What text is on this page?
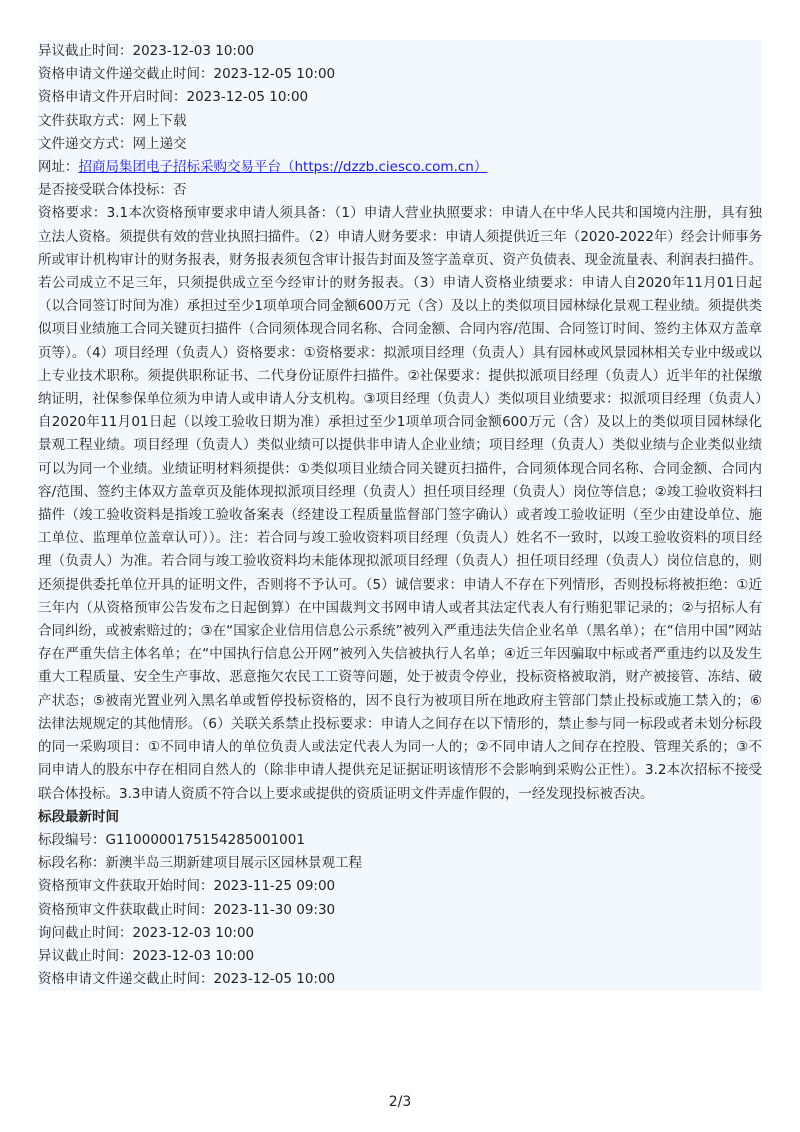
异议截止时间：2023-12-03 10:00

资格申请文件递交截止时间：2023-12-05 10:00

资格申请文件开启时间：2023-12-05 10:00

文件获取方式：网上下载

文件递交方式：网上递交

网址：招商局集团电子招标采购交易平台（https://dzzb.ciesco.com.cn）

是否接受联合体投标：否

资格要求：3.1本次资格预审要求申请人须具备：（1）申请人营业执照要求：申请人在中华人民共和国境内注册，具有独立法人资格。须提供有效的营业执照扫描件。（2）申请人财务要求：申请人须提供近三年（2020-2022年）经会计师事务所或审计机构审计的财务报表，财务报表须包含审计报告封面及签字盖章页、资产负债表、现金流量表、利润表扫描件。若公司成立不足三年，只须提供成立至今经审计的财务报表。（3）申请人资格业绩要求：申请人自2020年11月01日起（以合同签订时间为准）承担过至少1项单项合同金额600万元（含）及以上的类似项目园林绿化景观工程业绩。须提供类似项目业绩施工合同关键页扫描件（合同须体现合同名称、合同金额、合同内容/范围、合同签订时间、签约主体双方盖章页等）。（4）项目经理（负责人）资格要求：①资格要求：拟派项目经理（负责人）具有园林或风景园林相关专业中级或以上专业技术职称。须提供职称证书、二代身份证原件扫描件。②社保要求：提供拟派项目经理（负责人）近半年的社保缴纳证明，社保参保单位须为申请人或申请人分支机构。③项目经理（负责人）类似项目业绩要求：拟派项目经理（负责人）自2020年11月01日起（以竣工验收日期为准）承担过至少1项单项合同金额600万元（含）及以上的类似项目园林绿化景观工程业绩。项目经理（负责人）类似业绩可以提供非申请人企业业绩；项目经理（负责人）类似业绩与企业类似业绩可以为同一个业绩。业绩证明材料须提供：①类似项目业绩合同关键页扫描件，合同须体现合同名称、合同金额、合同内容/范围、签约主体双方盖章页及能体现拟派项目经理（负责人）担任项目经理（负责人）岗位等信息；②竣工验收资料扫描件（竣工验收资料是指竣工验收备案表（经建设工程质量监督部门签字确认）或者竣工验收证明（至少由建设单位、施工单位、监理单位盖章认可））。注：若合同与竣工验收资料项目经理（负责人）姓名不一致时，以竣工验收资料的项目经理（负责人）为准。若合同与竣工验收资料均未能体现拟派项目经理（负责人）担任项目经理（负责人）岗位信息的，则还须提供委托单位开具的证明文件，否则将不予认可。（5）诚信要求：申请人不存在下列情形，否则投标将被拒绝：①近三年内（从资格预审公告发布之日起倒算）在中国裁判文书网申请人或者其法定代表人有行贿犯罪记录的；②与招标人有合同纠纷，或被索赔过的；③在“国家企业信用信息公示系统”被列入严重违法失信企业名单（黑名单）；在“信用中国”网站存在严重失信主体名单；在“中国执行信息公开网”被列入失信被执行人名单；④近三年因骗取中标或者严重违约以及发生重大工程质量、安全生产事故、恶意拖欠农民工工资等问题，处于被责令停业，投标资格被取消，财产被接管、冻结、破产状态；⑤被南光置业列入黑名单或暂停投标资格的，因不良行为被项目所在地政府主管部门禁止投标或施工禁入的；⑥法律法规规定的其他情形。（6）关联关系禁止投标要求：申请人之间存在以下情形的，禁止参与同一标段或者未划分标段的同一采购项目：①不同申请人的单位负责人或法定代表人为同一人的；②不同申请人之间存在控股、管理关系的；③不同申请人的股东中存在相同自然人的（除非申请人提供充足证据证明该情形不会影响到采购公正性）。3.2本次招标不接受联合体投标。3.3申请人资质不符合以上要求或提供的资质证明文件弄虚作假的，一经发现投标被否决。

标段最新时间

标段编号：G1100000175154285001001

标段名称：新澳半岛三期新建项目展示区园林景观工程

资格预审文件获取开始时间：2023-11-25 09:00

资格预审文件获取截止时间：2023-11-30 09:30

询问截止时间：2023-12-03 10:00

异议截止时间：2023-12-03 10:00

资格申请文件递交截止时间：2023-12-05 10:00

2/3
